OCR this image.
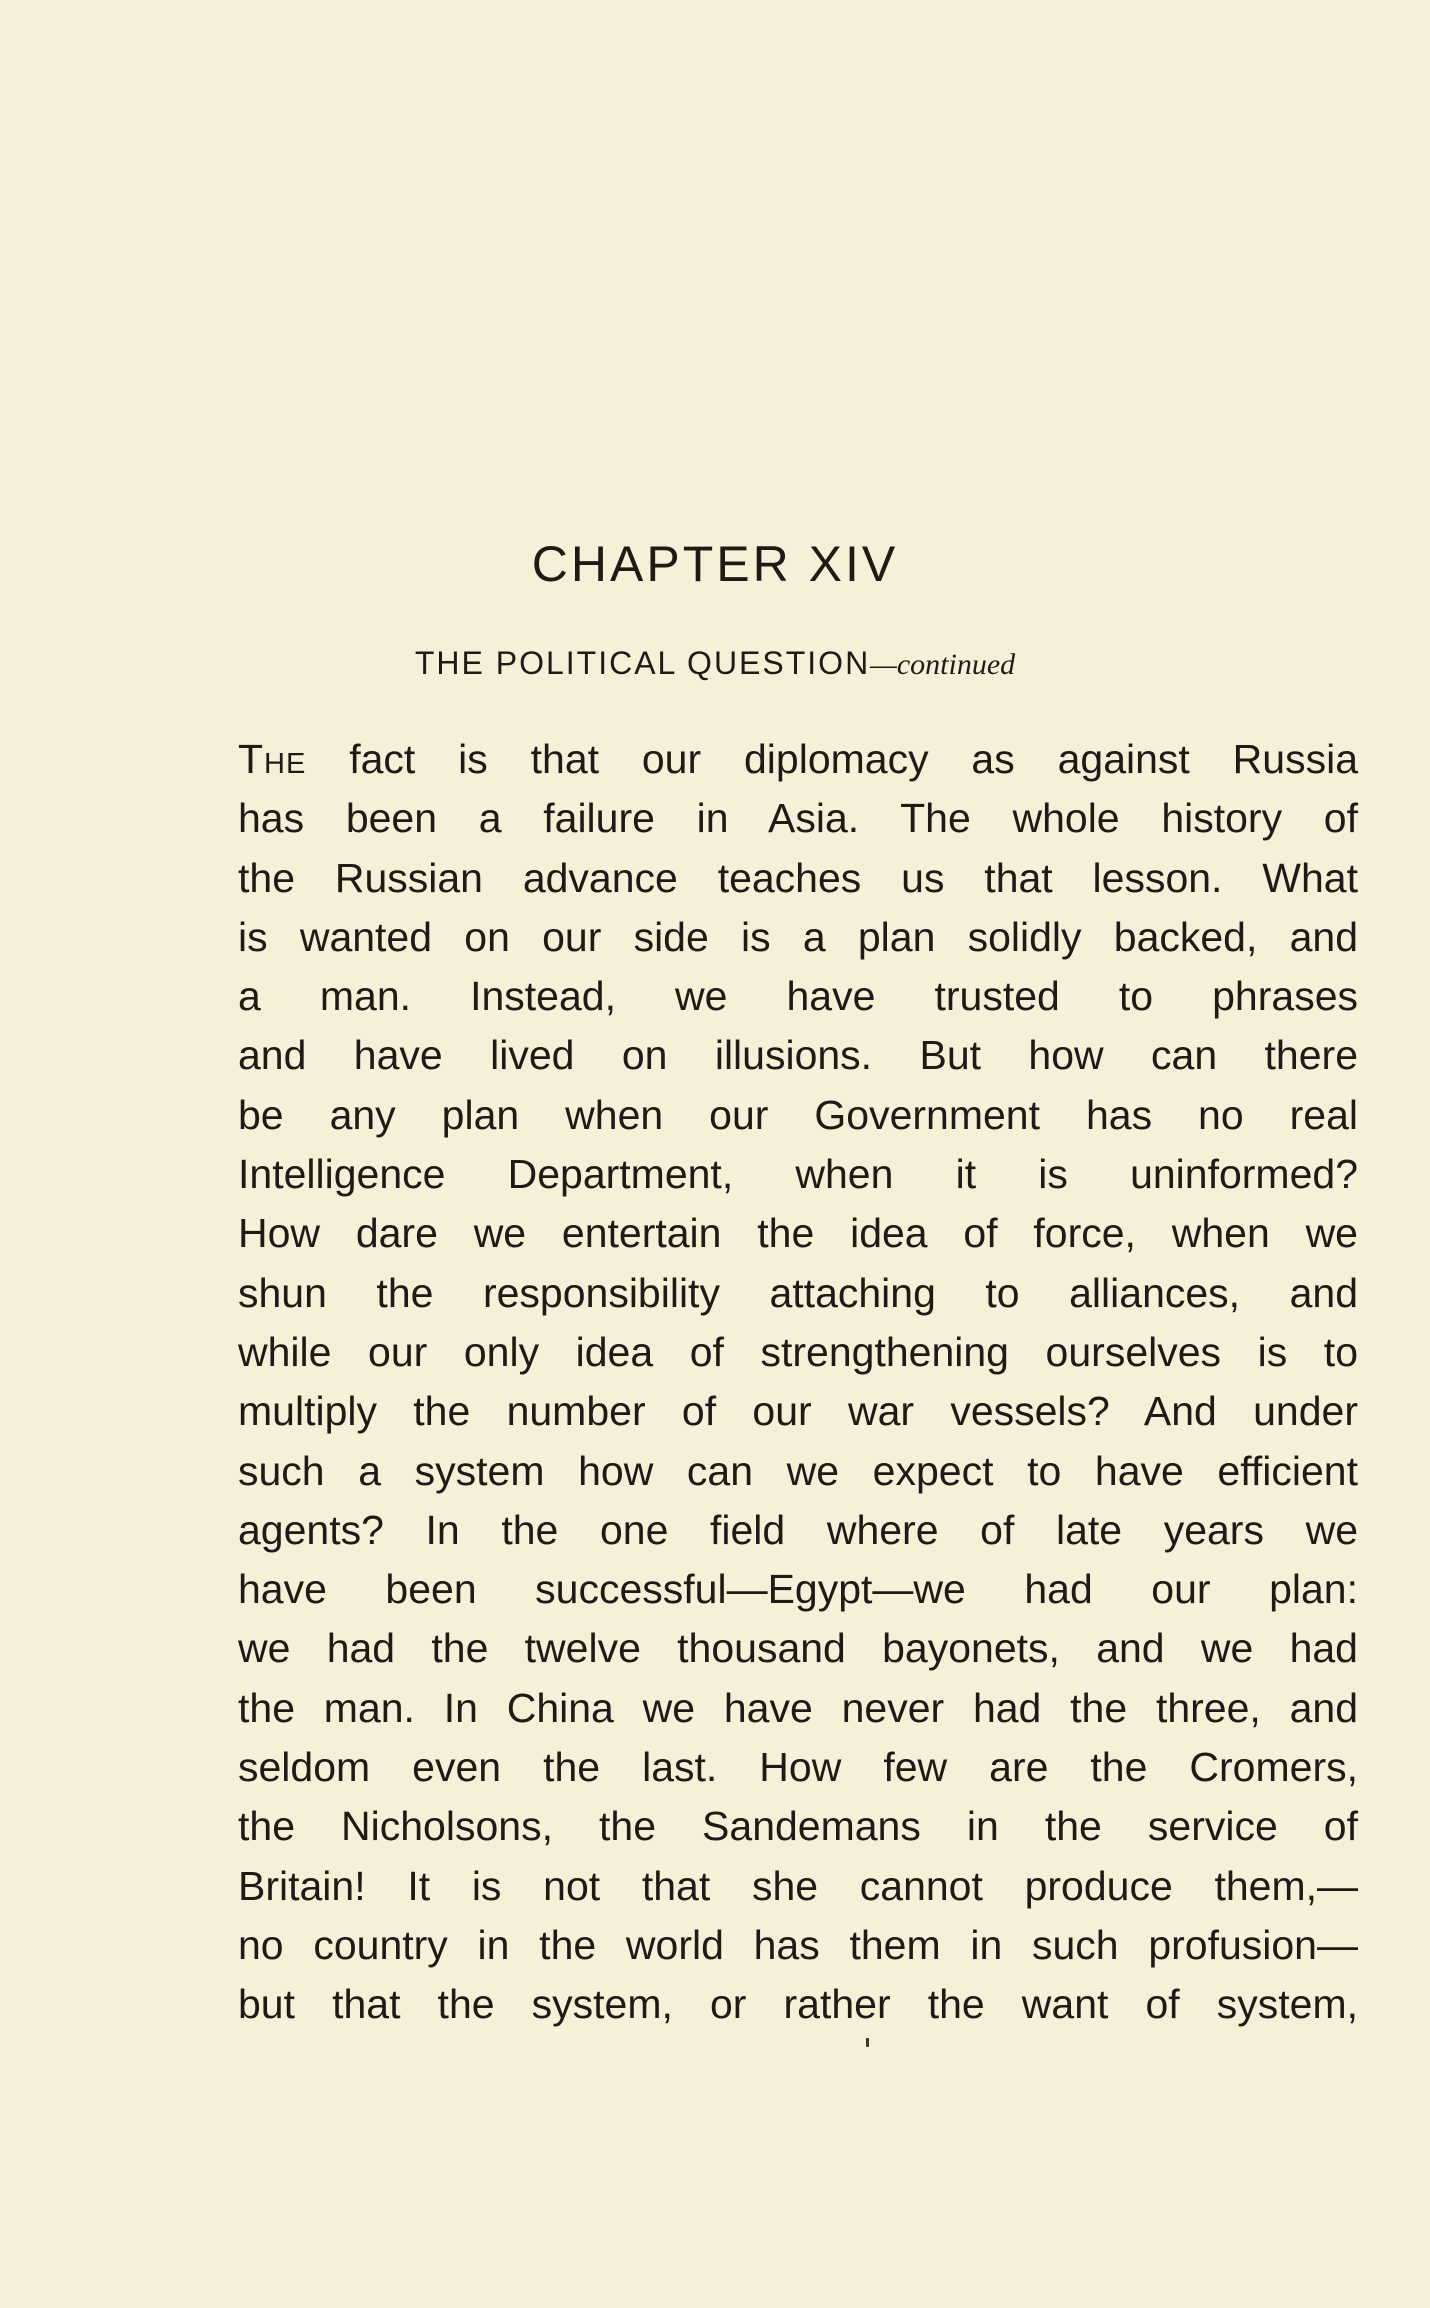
CHAPTER XIV
THE POLITICAL QUESTION—continued
The fact is that our diplomacy as against Russia
has been a failure in Asia. The whole history of
the Russian advance teaches us that lesson. What
is wanted on our side is a plan solidly backed, and
a man. Instead, we have trusted to phrases
and have lived on illusions. But how can there
be any plan when our Government has no real
Intelligence Department, when it is uninformed?
How dare we entertain the idea of force, when we
shun the responsibility attaching to alliances, and
while our only idea of strengthening ourselves is to
multiply the number of our war vessels? And under
such a system how can we expect to have efficient
agents? In the one field where of late years we
have been successful—Egypt—we had our plan:
we had the twelve thousand bayonets, and we had
the man. In China we have never had the three, and
seldom even the last. How few are the Cromers,
the Nicholsons, the Sandemans in the service of
Britain! It is not that she cannot produce them,—
no country in the world has them in such profusion—
but that the system, or rather the want of system,
